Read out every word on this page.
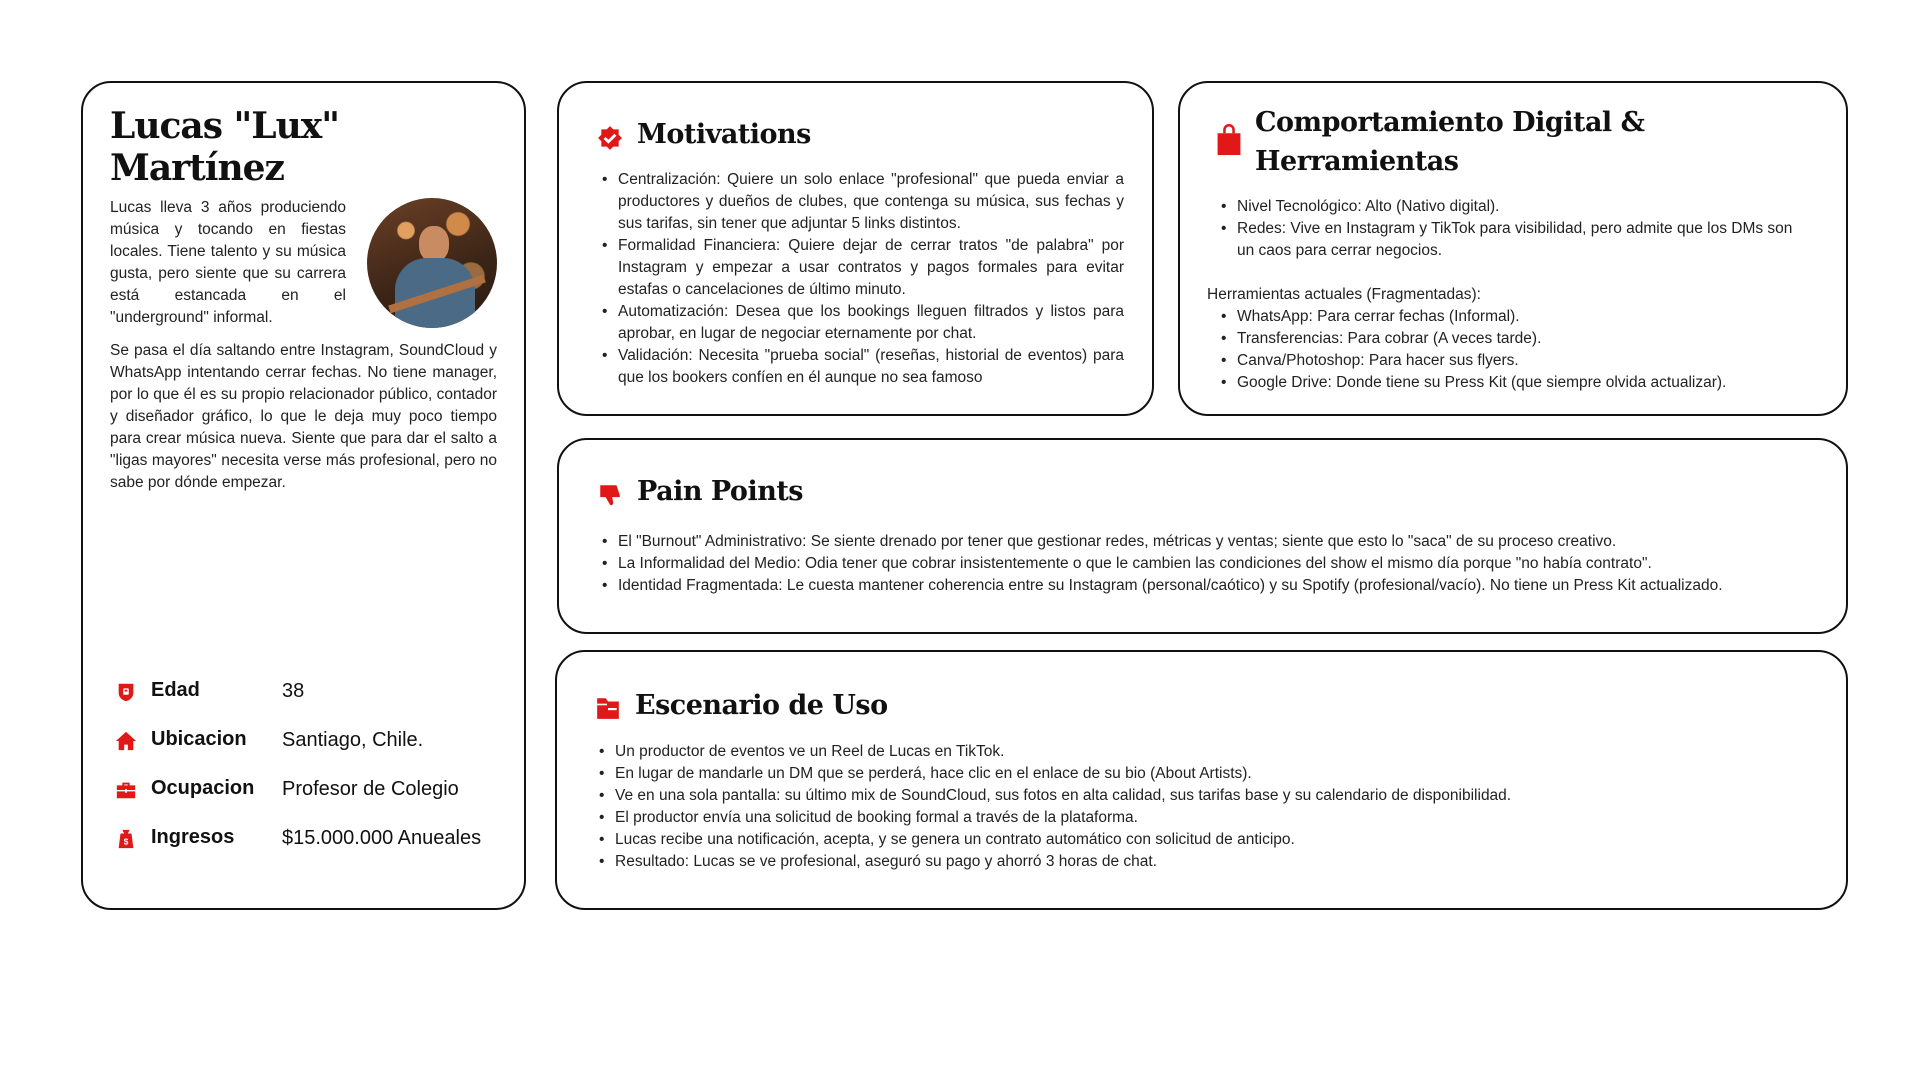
Lucas "Lux" Martínez
Lucas lleva 3 años produciendo música y tocando en fiestas locales. Tiene talento y su música gusta, pero siente que su carrera está estancada en el "underground" informal.
Se pasa el día saltando entre Instagram, SoundCloud y WhatsApp intentando cerrar fechas. No tiene manager, por lo que él es su propio relacionador público, contador y diseñador gráfico, lo que le deja muy poco tiempo para crear música nueva. Siente que para dar el salto a "ligas mayores" necesita verse más profesional, pero no sabe por dónde empezar.
Edad	38
Ubicacion Santiago, Chile.
Ocupacion Profesor de Colegio
$ Ingresos $15.000.000 Anueales
Motivations
• Centralización: Quiere un solo enlace "profesional" que pueda enviar a productores y dueños de clubes, que contenga su música, sus fechas y sus tarifas, sin tener que adjuntar 5 links distintos.
• Formalidad Financiera: Quiere dejar de cerrar tratos "de palabra" por Instagram y empezar a usar contratos y pagos formales para evitar estafas o cancelaciones de último minuto.
• Automatización: Desea que los bookings lleguen filtrados y listos para aprobar, en lugar de negociar eternamente por chat.
• Validación: Necesita "prueba social" (reseñas, historial de eventos) para que los bookers confíen en él aunque no sea famoso
Comportamiento Digital &
Herramientas
• Nivel Tecnológico: Alto (Nativo digital).
• Redes: Vive en Instagram y TikTok para visibilidad, pero admite que los DMs son un caos para cerrar negocios.
Herramientas actuales (Fragmentadas):
• WhatsApp: Para cerrar fechas (Informal).
• Transferencias: Para cobrar (A veces tarde).
• Canva/Photoshop: Para hacer sus flyers.
• Google Drive: Donde tiene su Press Kit (que siempre olvida actualizar).
Pain Points
• El "Burnout" Administrativo: Se siente drenado por tener que gestionar redes, métricas y ventas; siente que esto lo "saca" de su proceso creativo.
• La Informalidad del Medio: Odia tener que cobrar insistentemente o que le cambien las condiciones del show el mismo día porque "no había contrato".
• Identidad Fragmentada: Le cuesta mantener coherencia entre su Instagram (personal/caótico) y su Spotify (profesional/vacío). No tiene un Press Kit actualizado.
Escenario de Uso
• Un productor de eventos ve un Reel de Lucas en TikTok.
• En lugar de mandarle un DM que se perderá, hace clic en el enlace de su bio (About Artists).
• Ve en una sola pantalla: su último mix de SoundCloud, sus fotos en alta calidad, sus tarifas base y su calendario de disponibilidad.
• El productor envía una solicitud de booking formal a través de la plataforma.
• Lucas recibe una notificación, acepta, y se genera un contrato automático con solicitud de anticipo.
• Resultado: Lucas se ve profesional, aseguró su pago y ahorró 3 horas de chat.
